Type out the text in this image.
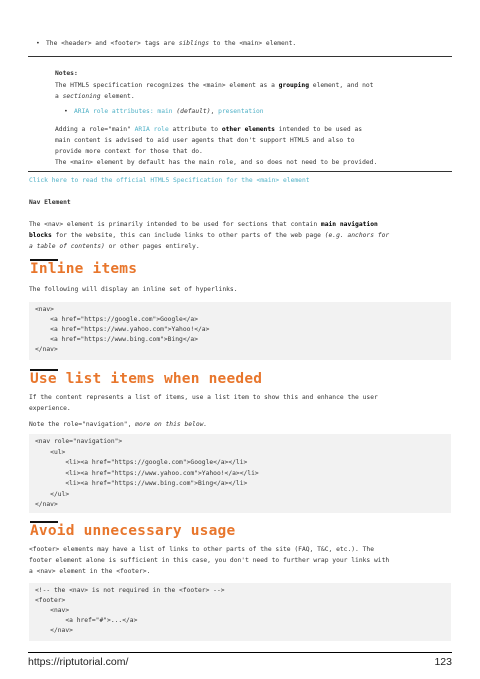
• The <header> and <footer> tags are siblings to the <main> element.
Notes:
The HTML5 specification recognizes the <main> element as a grouping element, and not
a sectioning element.
• ARIA role attributes: main (default), presentation
Adding a role="main" ARIA role attribute to other elements intended to be used as
main content is advised to aid user agents that don't support HTML5 and also to
provide more context for those that do.
The <main> element by default has the main role, and so does not need to be provided.
Click here to read the official HTML5 Specification for the <main> element
Nav Element
The <nav> element is primarily intended to be used for sections that contain main navigation
blocks for the website, this can include links to other parts of the web page (e.g. anchors for
a table of contents) or other pages entirely.
Inline items
The following will display an inline set of hyperlinks.
<nav>
<a href="https://google.com">Google</a>
<a href="https://www.yahoo.com">Yahoo!</a>
<a href="https://www.bing.com">Bing</a>
</nav>
Use list items when needed
If the content represents a list of items, use a list item to show this and enhance the user
experience.
Note the role="navigation", more on this below.
<nav role="navigation">
<ul>
<li><a href="https://google.com">Google</a></li>
<li><a href="https://www.yahoo.com">Yahoo!</a></li>
<li><a href="https://www.bing.com">Bing</a></li>
</ul>
</nav>
Avoid unnecessary usage
<footer> elements may have a list of links to other parts of the site (FAQ, T&C, etc.). The
footer element alone is sufficient in this case, you don't need to further wrap your links with
a <nav> element in the <footer>.
<!-- the <nav> is not required in the <footer> -->
<footer>
<nav>
<a href="#">...</a>
</nav>
https://riptutorial.com/	123
